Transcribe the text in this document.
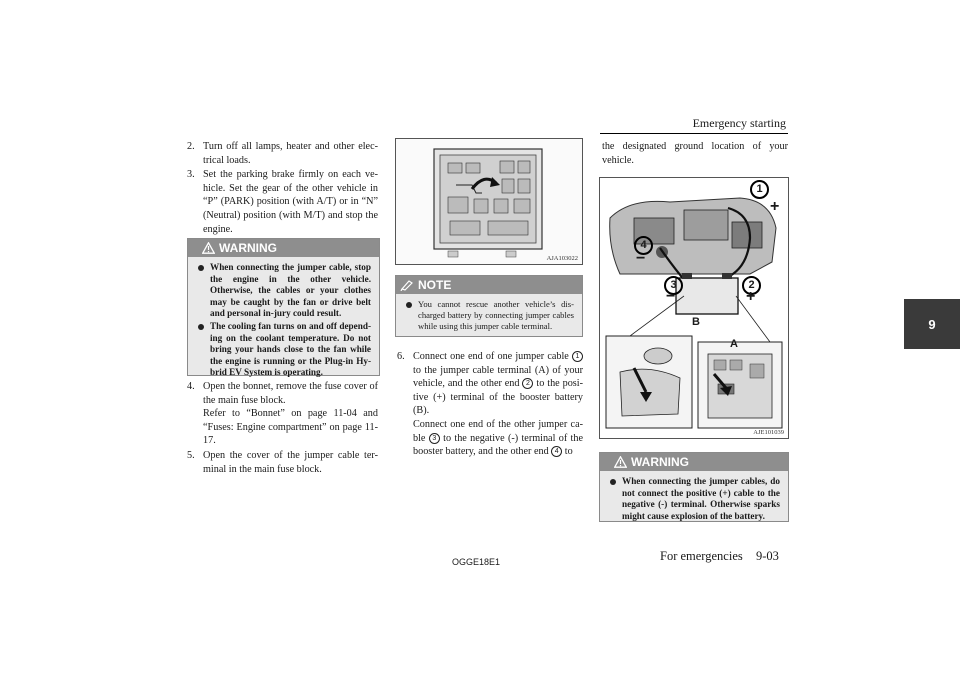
Emergency starting
9
2. Turn off all lamps, heater and other elec-trical loads.

3. Set the parking brake firmly on each ve-hicle. Set the gear of the other vehicle in “P” (PARK) position (with A/T) or in “N” (Neutral) position (with M/T) and stop the engine.

WARNING
When connecting the jumper cable, stop the engine in the other vehicle. Otherwise, the cables or your clothes may be caught by the fan or drive belt and personal in-jury could result.
The cooling fan turns on and off depend-ing on the coolant temperature. Do not bring your hands close to the fan while the engine is running or the Plug-in Hy-brid EV System is operating.
4. Open the bonnet, remove the fuse cover of the main fuse block.

Refer to “Bonnet” on page 11-04 and “Fuses: Engine compartment” on page 11-17.

5. Open the cover of the jumper cable ter-minal in the main fuse block.

AJA103022
NOTE
You cannot rescue another vehicle’s dis-charged battery by connecting jumper cables while using this jumper cable terminal.
6. Connect one end of one jumper cable 1 to the jumper cable terminal (A) of your vehicle, and the other end 2 to the posi-tive (+) terminal of the booster battery (B).

Connect one end of the other jumper ca-ble 3 to the negative (-) terminal of the booster battery, and the other end 4 to

the designated ground location of your vehicle.
+
1
4
−
3
−
2
+
B
A
AJE101039
WARNING
When connecting the jumper cables, do not connect the positive (+) cable to the negative (-) terminal. Otherwise sparks might cause explosion of the battery.
OGGE18E1	For emergencies 9-03
